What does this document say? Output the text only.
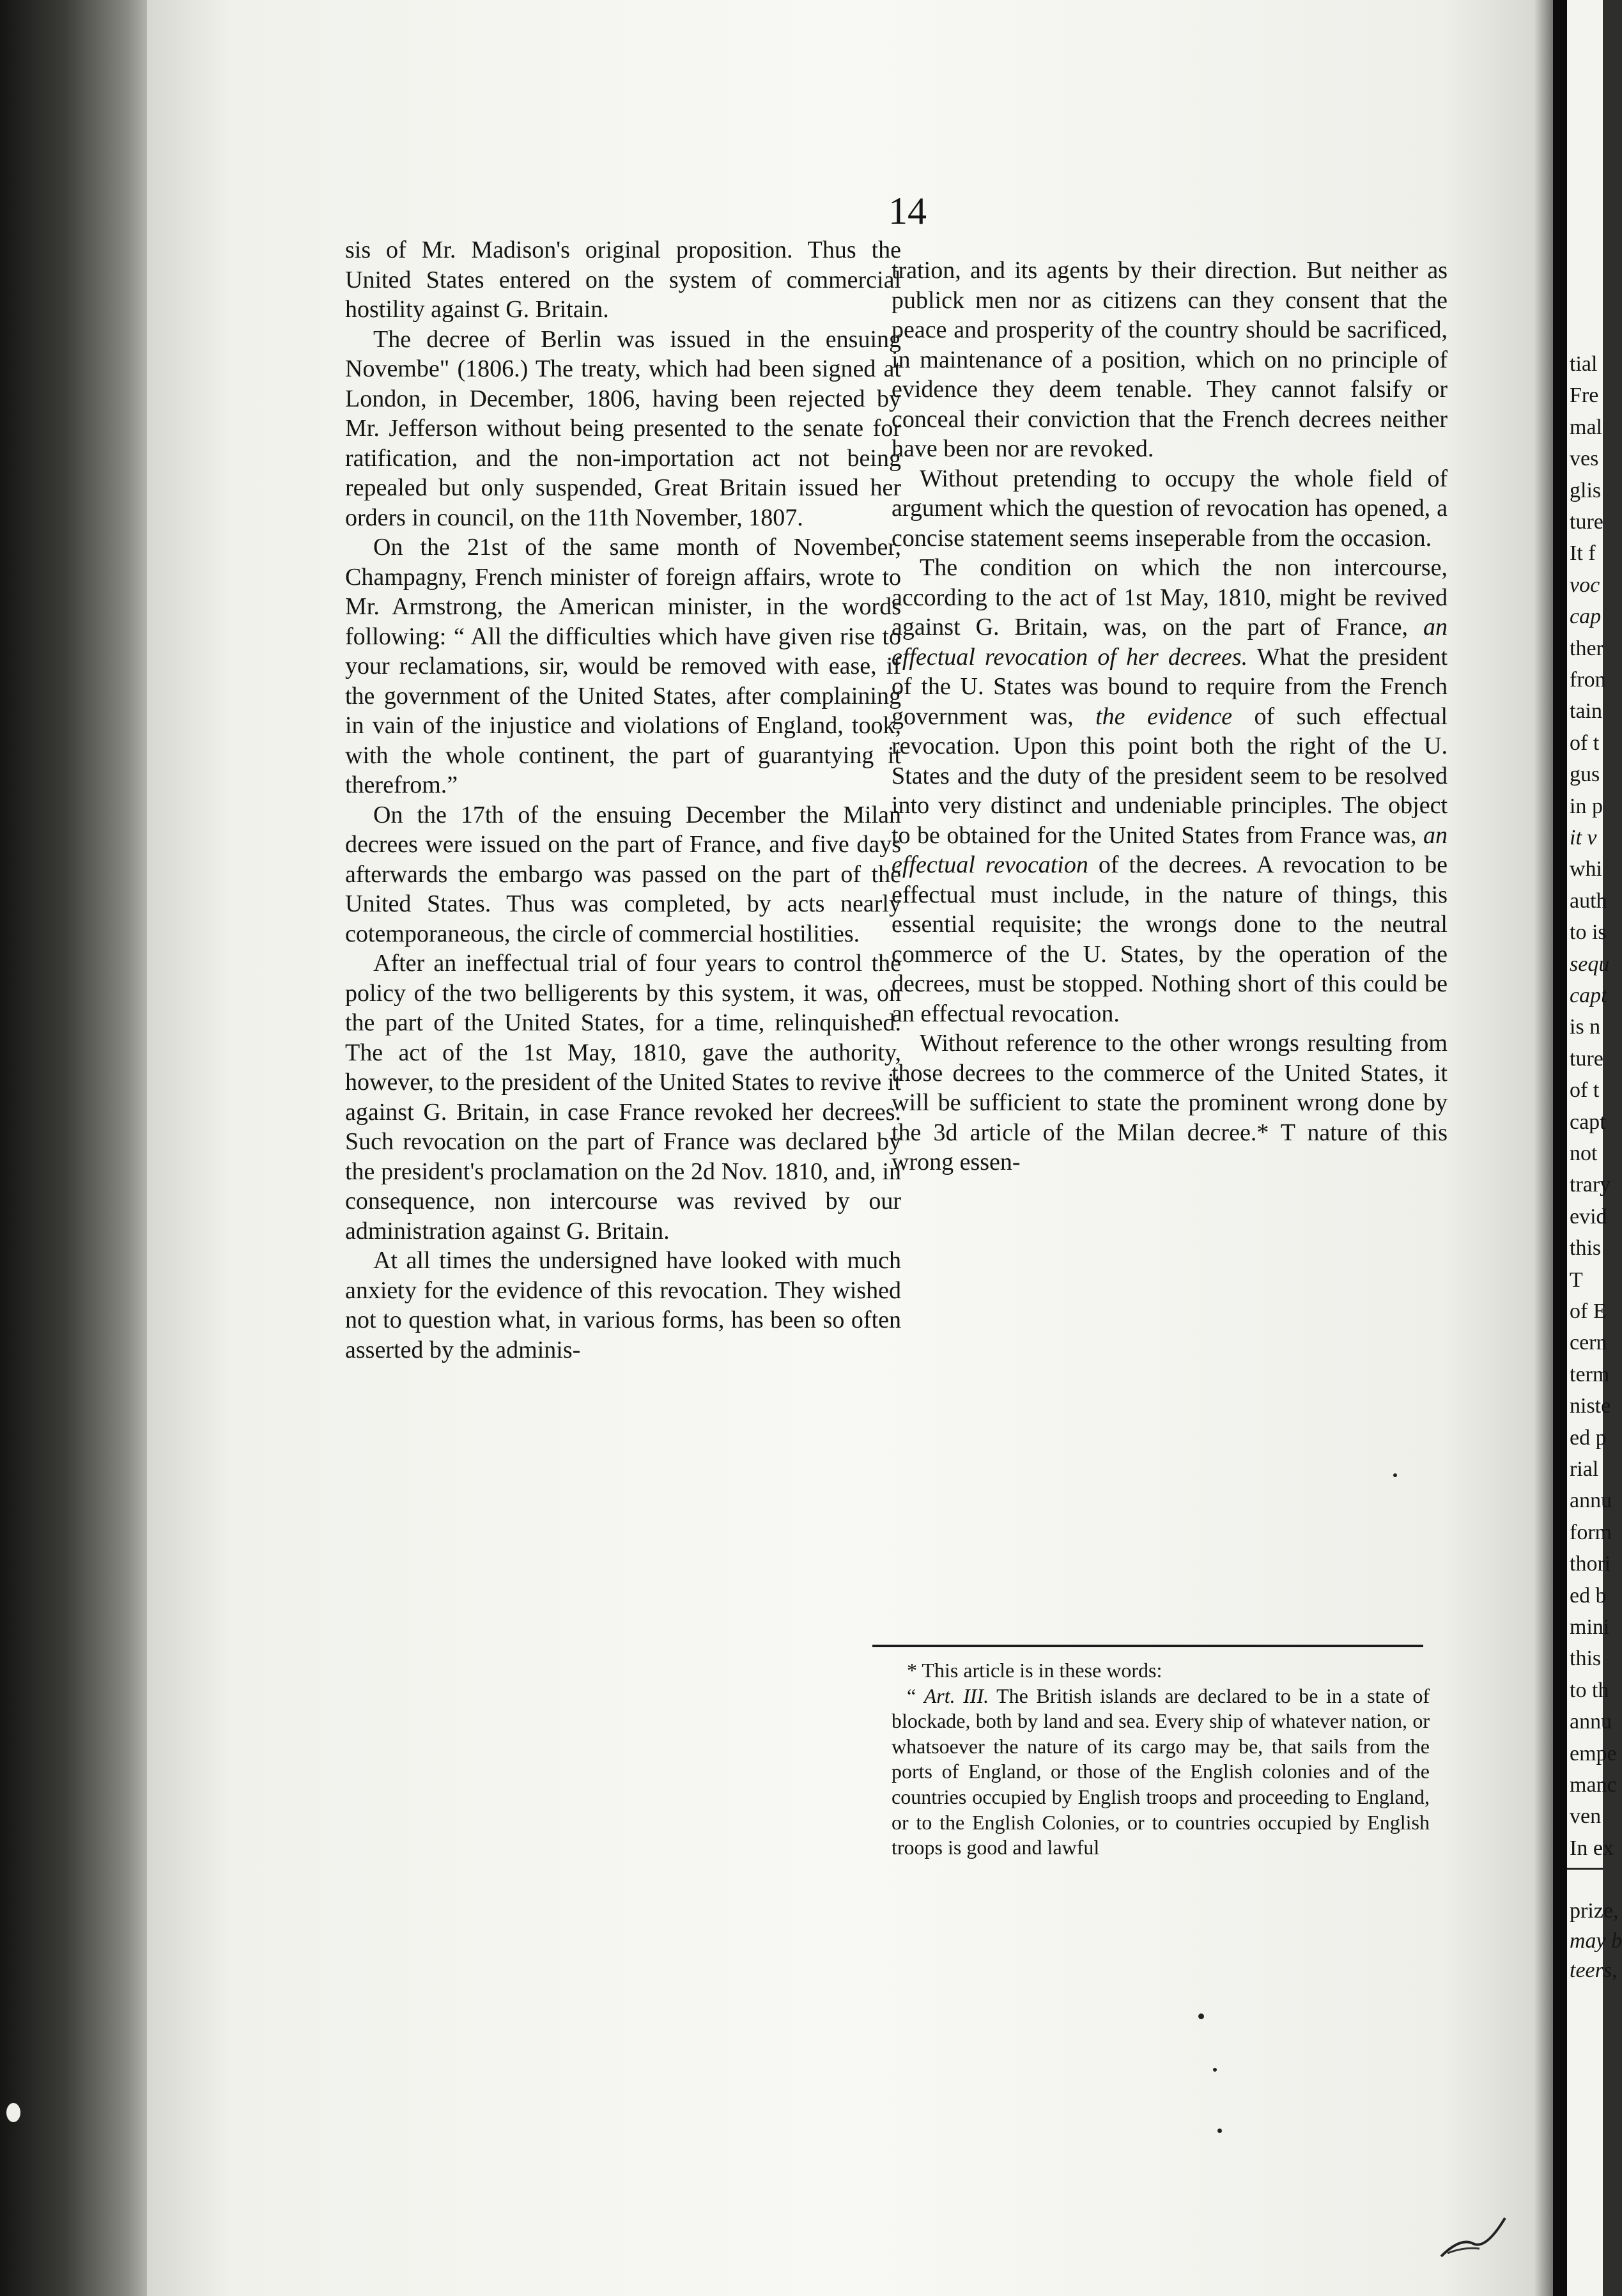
tial
Fre
mal
ves
glis
ture
It f
voc
cap
ther
fron
tain
of t
gus
in p
it v
whi
auth
to is
sequ
capt
is n
ture
of t
capt
not
trary
evid
this
T
of E
cern
term
niste
ed p
rial
annu
form
thori
ed b
mini
this
to th
annu
empe
manc
ven
In ex
prize,
may b
teers,
14

sis of Mr. Madison's original proposition. Thus the United States entered on the system of commercial hostility against G. Britain.

The decree of Berlin was issued in the ensuing Novembe" (1806.) The treaty, which had been signed at London, in December, 1806, having been rejected by Mr. Jefferson without being presented to the senate for ratification, and the non-importation act not being repealed but only suspended, Great Britain issued her orders in council, on the 11th November, 1807.

On the 21st of the same month of November, Champagny, French minister of foreign affairs, wrote to Mr. Armstrong, the American minister, in the words following: “ All the difficulties which have given rise to your reclamations, sir, would be removed with ease, if the government of the United States, after complaining in vain of the injustice and violations of England, took, with the whole continent, the part of guarantying it therefrom.”

On the 17th of the ensuing December the Milan decrees were issued on the part of France, and five days afterwards the embargo was passed on the part of the United States. Thus was completed, by acts nearly cotemporaneous, the circle of commercial hostilities.

After an ineffectual trial of four years to control the policy of the two belligerents by this system, it was, on the part of the United States, for a time, relinquished. The act of the 1st May, 1810, gave the authority, however, to the president of the United States to revive it against G. Britain, in case France revoked her decrees. Such revocation on the part of France was declared by the president's proclamation on the 2d Nov. 1810, and, in consequence, non intercourse was revived by our administration against G. Britain.

At all times the undersigned have looked with much anxiety for the evidence of this revocation. They wished not to question what, in various forms, has been so often asserted by the adminis-

tration, and its agents by their direction. But neither as publick men nor as citizens can they consent that the peace and prosperity of the country should be sacrificed, in maintenance of a position, which on no principle of evidence they deem tenable. They cannot falsify or conceal their conviction that the French decrees neither have been nor are revoked.

Without pretending to occupy the whole field of argument which the question of revocation has opened, a concise statement seems inseperable from the occasion.

The condition on which the non intercourse, according to the act of 1st May, 1810, might be revived against G. Britain, was, on the part of France, an effectual revocation of her decrees. What the president of the U. States was bound to require from the French government was, the evidence of such effectual revocation. Upon this point both the right of the U. States and the duty of the president seem to be resolved into very distinct and undeniable principles. The object to be obtained for the United States from France was, an effectual revocation of the decrees. A revocation to be effectual must include, in the nature of things, this essential requisite; the wrongs done to the neutral commerce of the U. States, by the operation of the decrees, must be stopped. Nothing short of this could be an effectual revocation.

Without reference to the other wrongs resulting from those decrees to the commerce of the United States, it will be sufficient to state the prominent wrong done by the 3d article of the Milan decree.* T nature of this wrong essen-

* This article is in these words:

“ Art. III. The British islands are declared to be in a state of blockade, both by land and sea. Every ship of whatever nation, or whatsoever the nature of its cargo may be, that sails from the ports of England, or those of the English colonies and of the countries occupied by English troops and proceeding to England, or to the English Colonies, or to countries occupied by English troops is good and lawful
